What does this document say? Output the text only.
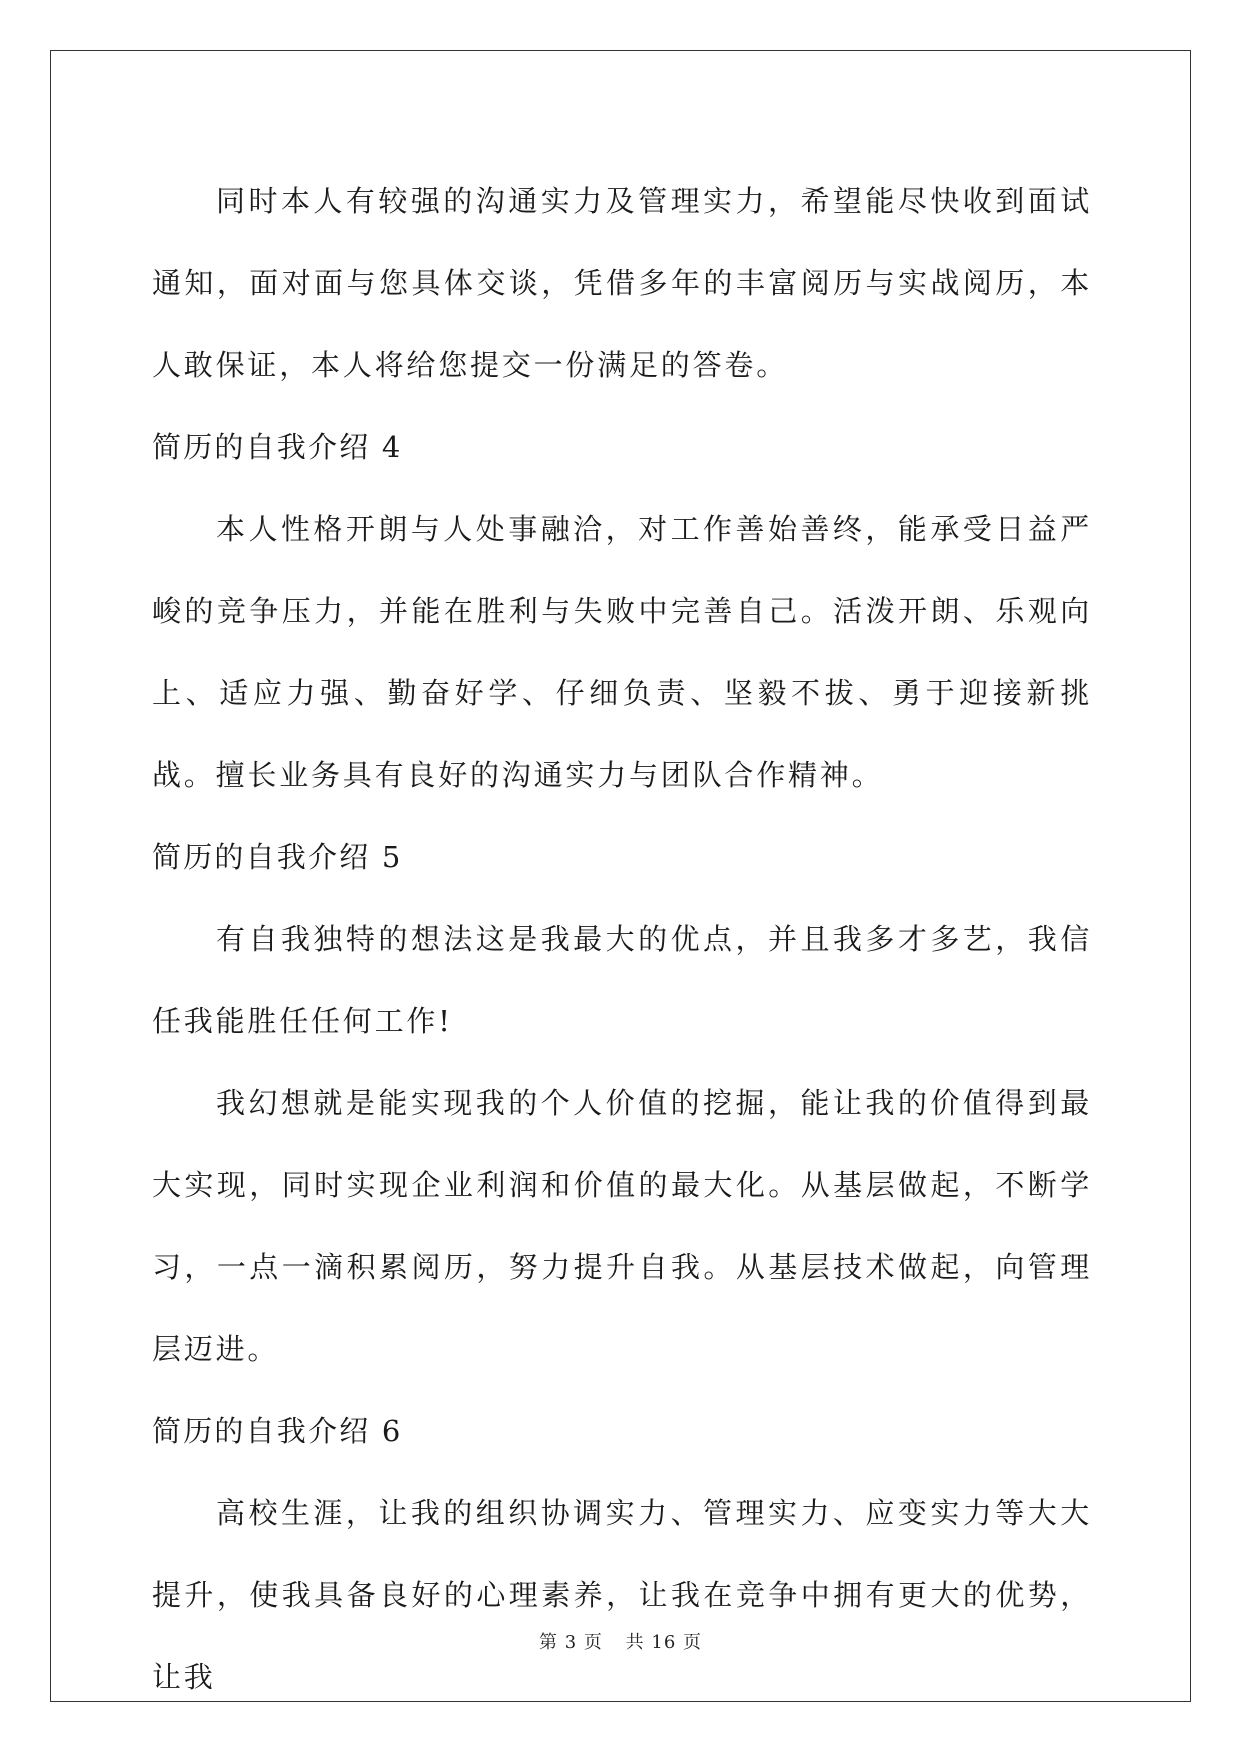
同时本人有较强的沟通实力及管理实力，希望能尽快收到面试通知，面对面与您具体交谈，凭借多年的丰富阅历与实战阅历，本人敢保证，本人将给您提交一份满足的答卷。

简历的自我介绍 4

本人性格开朗与人处事融洽，对工作善始善终，能承受日益严峻的竞争压力，并能在胜利与失败中完善自己。活泼开朗、乐观向上、适应力强、勤奋好学、仔细负责、坚毅不拔、勇于迎接新挑战。擅长业务具有良好的沟通实力与团队合作精神。

简历的自我介绍 5

有自我独特的想法这是我最大的优点，并且我多才多艺，我信任我能胜任任何工作!

我幻想就是能实现我的个人价值的挖掘，能让我的价值得到最大实现，同时实现企业利润和价值的最大化。从基层做起，不断学习，一点一滴积累阅历，努力提升自我。从基层技术做起，向管理层迈进。

简历的自我介绍 6

高校生涯，让我的组织协调实力、管理实力、应变实力等大大提升，使我具备良好的心理素养，让我在竞争中拥有更大的优势，让我

第 3 页 共 16 页
